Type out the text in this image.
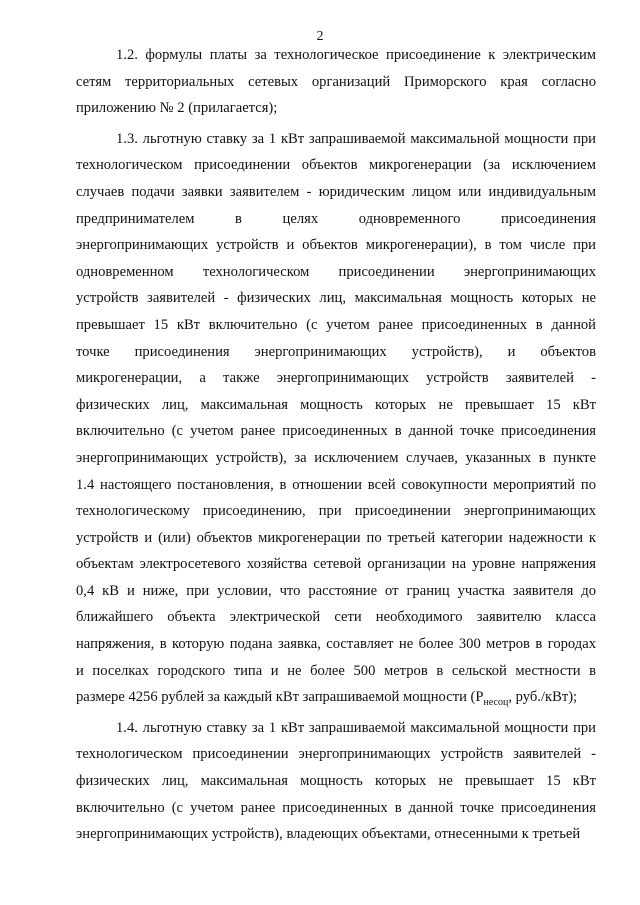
2
1.2. формулы платы за технологическое присоединение к электрическим
сетям территориальных сетевых организаций Приморского края согласно
приложению № 2 (прилагается);
1.3. льготную ставку за 1 кВт запрашиваемой максимальной мощности при
технологическом присоединении объектов микрогенерации (за исключением
случаев подачи заявки заявителем - юридическим лицом или индивидуальным
предпринимателем в целях одновременного присоединения
энергопринимающих устройств и объектов микрогенерации), в том числе при
одновременном технологическом присоединении энергопринимающих
устройств заявителей - физических лиц, максимальная мощность которых не
превышает 15 кВт включительно (с учетом ранее присоединенных в данной
точке присоединения энергопринимающих устройств), и объектов
микрогенерации, а также энергопринимающих устройств заявителей -
физических лиц, максимальная мощность которых не превышает 15 кВт
включительно (с учетом ранее присоединенных в данной точке присоединения
энергопринимающих устройств), за исключением случаев, указанных в пункте
1.4 настоящего постановления, в отношении всей совокупности мероприятий по
технологическому присоединению, при присоединении энергопринимающих
устройств и (или) объектов микрогенерации по третьей категории надежности к
объектам электросетевого хозяйства сетевой организации на уровне напряжения
0,4 кВ и ниже, при условии, что расстояние от границ участка заявителя до
ближайшего объекта электрической сети необходимого заявителю класса
напряжения, в которую подана заявка, составляет не более 300 метров в городах
и поселках городского типа и не более 500 метров в сельской местности в
размере 4256 рублей за каждый кВт запрашиваемой мощности ($P_{несоц}$, руб./кВт);
1.4. льготную ставку за 1 кВт запрашиваемой максимальной мощности при
технологическом присоединении энергопринимающих устройств заявителей -
физических лиц, максимальная мощность которых не превышает 15 кВт
включительно (с учетом ранее присоединенных в данной точке присоединения
энергопринимающих устройств), владеющих объектами, отнесенными к третьей
